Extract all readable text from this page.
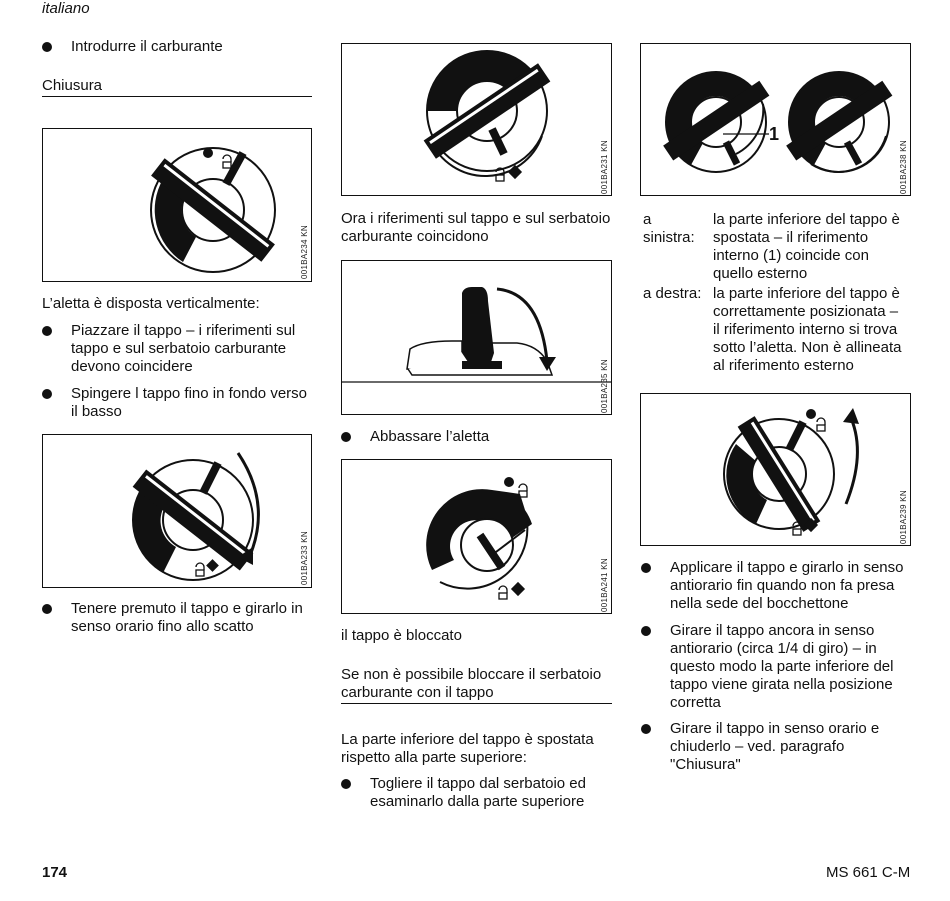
italiano
Introdurre il carburante
Chiusura
001BA234 KN
L’aletta è disposta verticalmente:
Piazzare il tappo – i riferimenti sul
tappo e sul serbatoio carburante
devono coincidere
Spingere l tappo fino in fondo verso
il basso
001BA233 KN
Tenere premuto il tappo e girarlo in
senso orario fino allo scatto
001BA231 KN
Ora i riferimenti sul tappo e sul serbatoio
carburante coincidono
001BA235 KN
Abbassare l’aletta
001BA241 KN
il tappo è bloccato
Se non è possibile bloccare il serbatoio
carburante con il tappo
La parte inferiore del tappo è spostata
rispetto alla parte superiore:
Togliere il tappo dal serbatoio ed
esaminarlo dalla parte superiore
1
001BA238 KN
a
sinistra:
la parte inferiore del tappo è
spostata – il riferimento
interno (1) coincide con
quello esterno
a destra: la parte inferiore del tappo è
correttamente posizionata –
il riferimento interno si trova
sotto l’aletta. Non è allineata
al riferimento esterno
001BA239 KN
Applicare il tappo e girarlo in senso
antiorario fin quando non fa presa
nella sede del bocchettone
Girare il tappo ancora in senso
antiorario (circa 1/4 di giro) – in
questo modo la parte inferiore del
tappo viene girata nella posizione
corretta
Girare il tappo in senso orario e
chiuderlo – ved. paragrafo
"Chiusura"
174	MS 661 C-M
